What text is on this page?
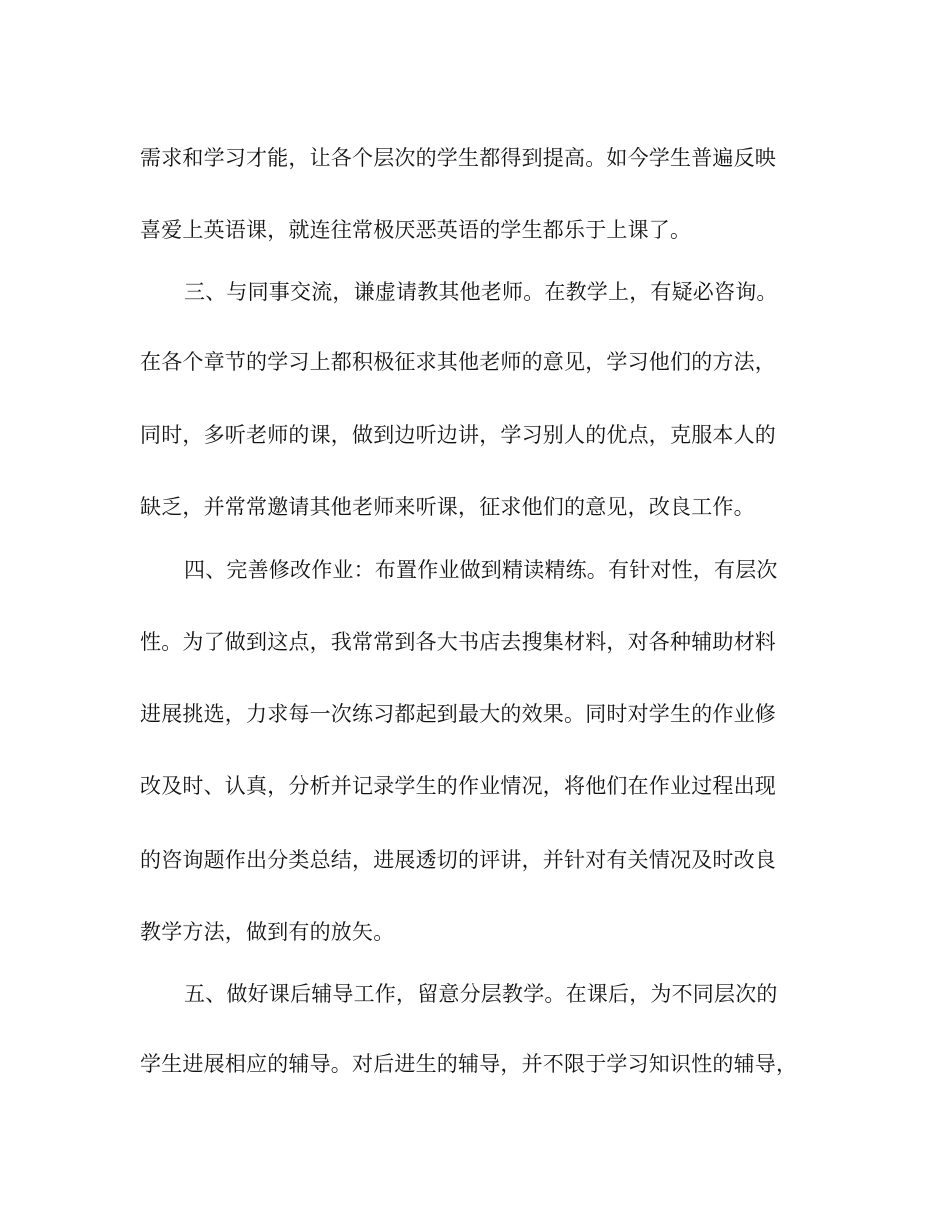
需求和学习才能，让各个层次的学生都得到提高。如今学生普遍反映
喜爱上英语课，就连往常极厌恶英语的学生都乐于上课了。
三、与同事交流，谦虚请教其他老师。在教学上，有疑必咨询。
在各个章节的学习上都积极征求其他老师的意见，学习他们的方法，
同时，多听老师的课，做到边听边讲，学习别人的优点，克服本人的
缺乏，并常常邀请其他老师来听课，征求他们的意见，改良工作。
四、完善修改作业：布置作业做到精读精练。有针对性，有层次
性。为了做到这点，我常常到各大书店去搜集材料，对各种辅助材料
进展挑选，力求每一次练习都起到最大的效果。同时对学生的作业修
改及时、认真，分析并记录学生的作业情况，将他们在作业过程出现
的咨询题作出分类总结，进展透切的评讲，并针对有关情况及时改良
教学方法，做到有的放矢。
五、做好课后辅导工作，留意分层教学。在课后，为不同层次的
学生进展相应的辅导。对后进生的辅导，并不限于学习知识性的辅导，
